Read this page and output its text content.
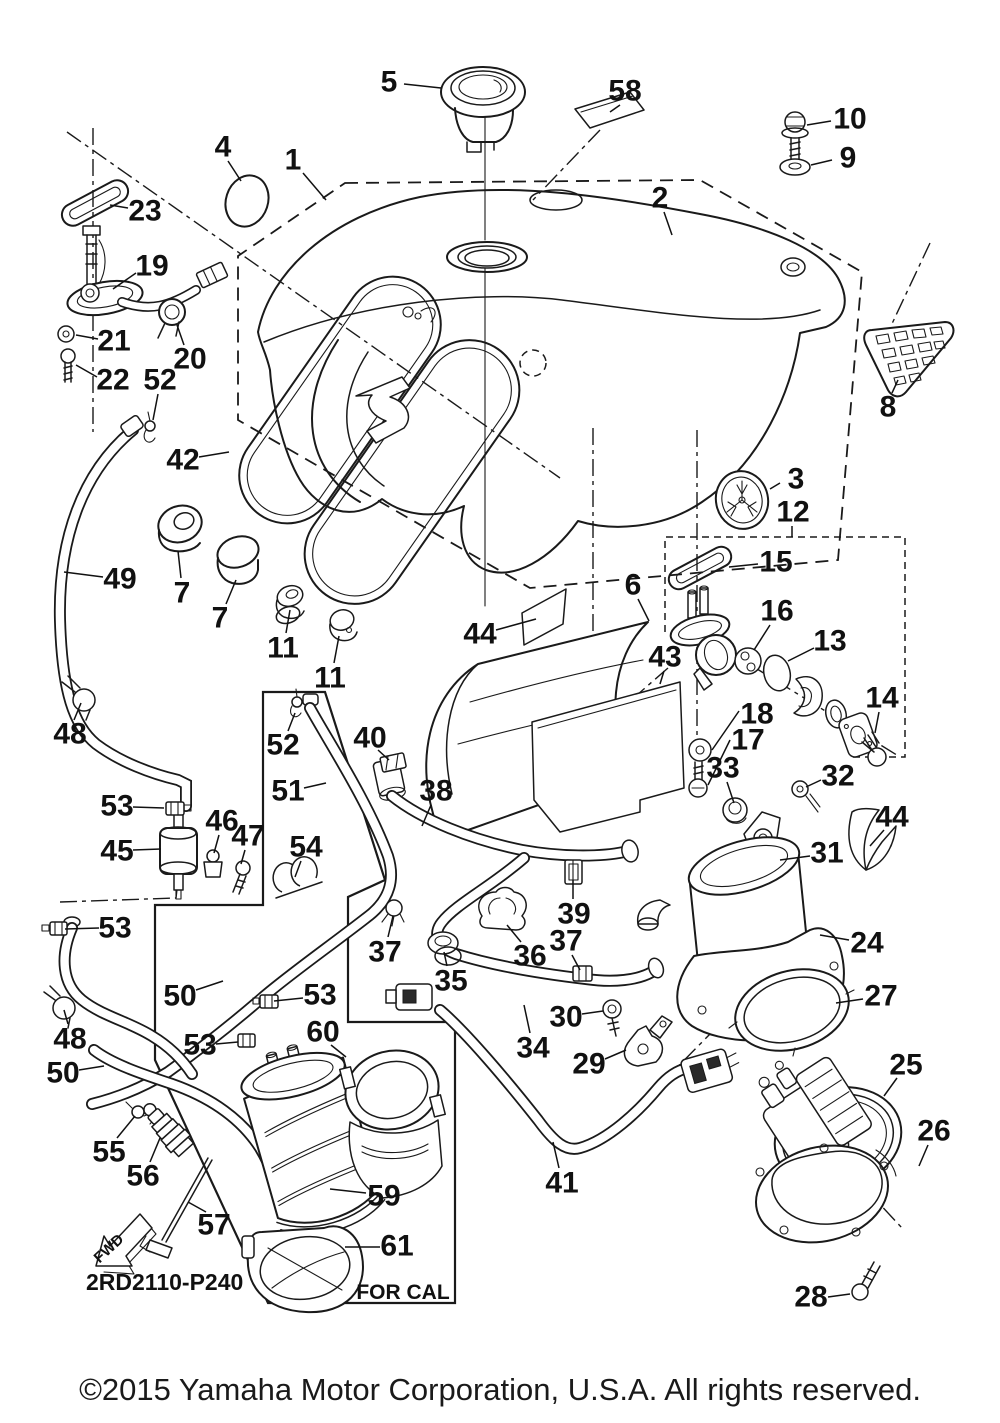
FWD
2RD2110-P240	FOR CAL
©2015 Yamaha Motor Corporation, U.S.A. All rights reserved.
1
2
3
4
5
6
7
7
8
9
10
11
11
12
13
14
15
16
17
18
19
20
21
22
23
24
25
26
27
28
29
30
31
32
33
34
35
36
37	37
38
39
40
41
42
43
44
44
45
46
47
48
48
49
50
50
51
52
52
53
53
53
53
54
55
56
57
58
59
60
61
